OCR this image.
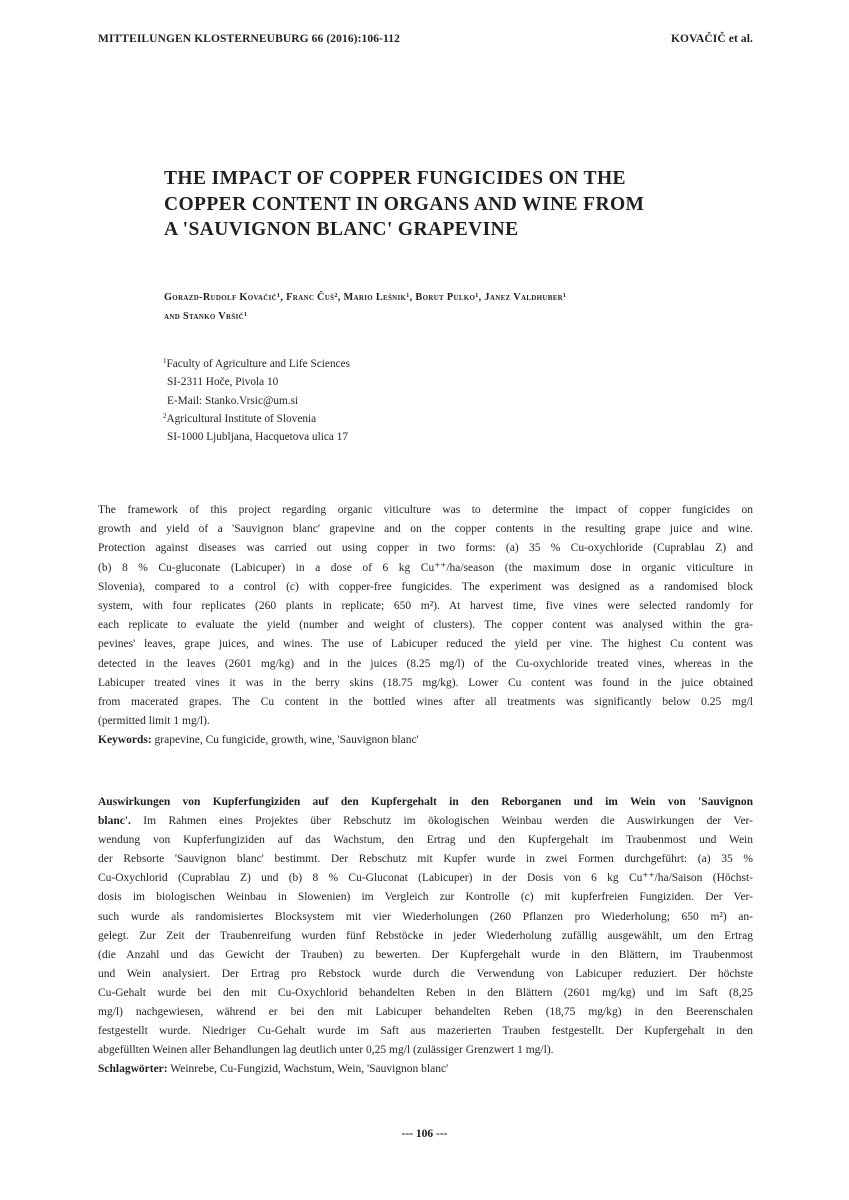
MITTEILUNGEN KLOSTERNEUBURG 66 (2016):106-112	KOVAČIČ et al.
THE IMPACT OF COPPER FUNGICIDES ON THE
COPPER CONTENT IN ORGANS AND WINE FROM
A 'SAUVIGNON BLANC' GRAPEVINE
Gorazd-Rudolf Kovačič¹, Franc Čuš², Mario Lešnik¹, Borut Pulko¹, Janez Valdhuber¹
and Stanko Vršič¹
$^1$Faculty of Agriculture and Life Sciences
SI-2311 Hoče, Pivola 10
E-Mail: Stanko.Vrsic@um.si
$^2$Agricultural Institute of Slovenia
SI-1000 Ljubljana, Hacquetova ulica 17
The framework of this project regarding organic viticulture was to determine the impact of copper fungicides on
growth and yield of a 'Sauvignon blanc' grapevine and on the copper contents in the resulting grape juice and wine.
Protection against diseases was carried out using copper in two forms: (a) 35 % Cu-oxychloride (Cuprablau Z) and
(b) 8 % Cu-gluconate (Labicuper) in a dose of 6 kg Cu⁺⁺/ha/season (the maximum dose in organic viticulture in
Slovenia), compared to a control (c) with copper-free fungicides. The experiment was designed as a randomised block
system, with four replicates (260 plants in replicate; 650 m²). At harvest time, five vines were selected randomly for
each replicate to evaluate the yield (number and weight of clusters). The copper content was analysed within the gra-
pevines' leaves, grape juices, and wines. The use of Labicuper reduced the yield per vine. The highest Cu content was
detected in the leaves (2601 mg/kg) and in the juices (8.25 mg/l) of the Cu-oxychloride treated vines, whereas in the
Labicuper treated vines it was in the berry skins (18.75 mg/kg). Lower Cu content was found in the juice obtained
from macerated grapes. The Cu content in the bottled wines after all treatments was significantly below 0.25 mg/l
(permitted limit 1 mg/l).
Keywords: grapevine, Cu fungicide, growth, wine, 'Sauvignon blanc'
Auswirkungen von Kupferfungiziden auf den Kupfergehalt in den Reborganen und im Wein von 'Sauvignon
blanc'. Im Rahmen eines Projektes über Rebschutz im ökologischen Weinbau werden die Auswirkungen der Ver-
wendung von Kupferfungiziden auf das Wachstum, den Ertrag und den Kupfergehalt im Traubenmost und Wein
der Rebsorte 'Sauvignon blanc' bestimmt. Der Rebschutz mit Kupfer wurde in zwei Formen durchgeführt: (a) 35 %
Cu-Oxychlorid (Cuprablau Z) und (b) 8 % Cu-Gluconat (Labicuper) in der Dosis von 6 kg Cu⁺⁺/ha/Saison (Höchst-
dosis im biologischen Weinbau in Slowenien) im Vergleich zur Kontrolle (c) mit kupferfreien Fungiziden. Der Ver-
such wurde als randomisiertes Blocksystem mit vier Wiederholungen (260 Pflanzen pro Wiederholung; 650 m²) an-
gelegt. Zur Zeit der Traubenreifung wurden fünf Rebstöcke in jeder Wiederholung zufällig ausgewählt, um den Ertrag
(die Anzahl und das Gewicht der Trauben) zu bewerten. Der Kupfergehalt wurde in den Blättern, im Traubenmost
und Wein analysiert. Der Ertrag pro Rebstock wurde durch die Verwendung von Labicuper reduziert. Der höchste
Cu-Gehalt wurde bei den mit Cu-Oxychlorid behandelten Reben in den Blättern (2601 mg/kg) und im Saft (8,25
mg/l) nachgewiesen, während er bei den mit Labicuper behandelten Reben (18,75 mg/kg) in den Beerenschalen
festgestellt wurde. Niedriger Cu-Gehalt wurde im Saft aus mazerierten Trauben festgestellt. Der Kupfergehalt in den
abgefüllten Weinen aller Behandlungen lag deutlich unter 0,25 mg/l (zulässiger Grenzwert 1 mg/l).
Schlagwörter: Weinrebe, Cu-Fungizid, Wachstum, Wein, 'Sauvignon blanc'
--- 106 ---
